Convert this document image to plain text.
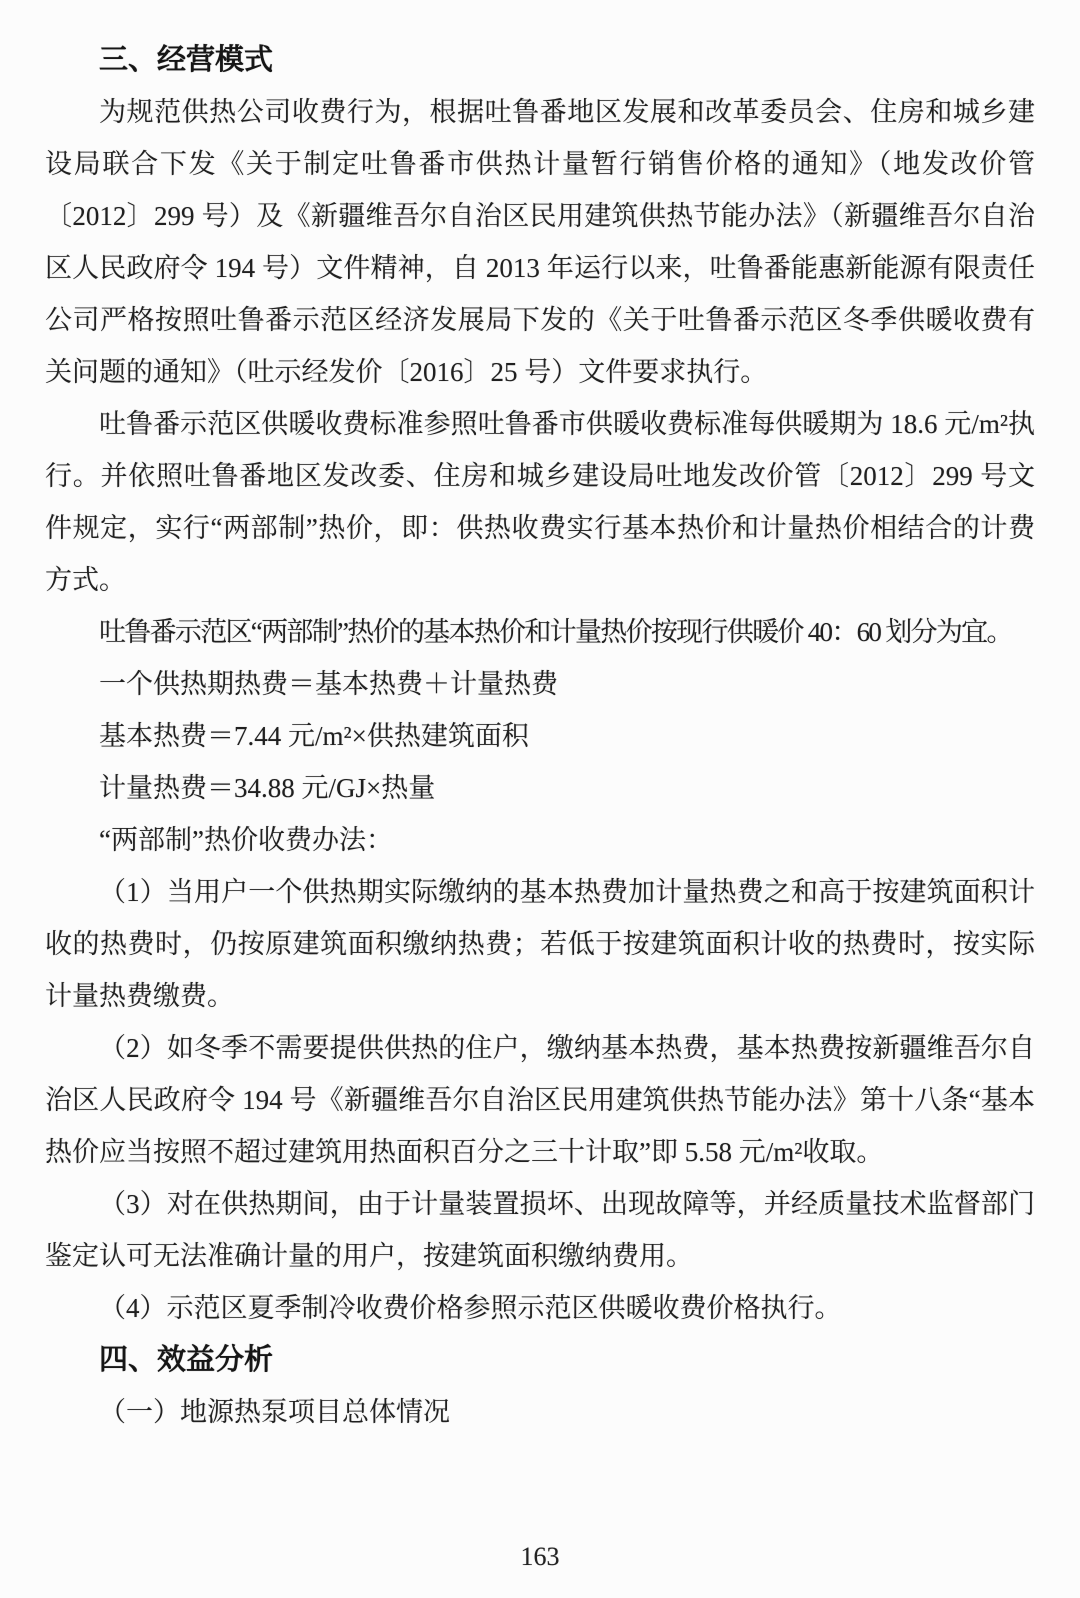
三、经营模式

为规范供热公司收费行为，根据吐鲁番地区发展和改革委员会、住房和城乡建设局联合下发《关于制定吐鲁番市供热计量暂行销售价格的通知》（地发改价管〔2012〕299 号）及《新疆维吾尔自治区民用建筑供热节能办法》（新疆维吾尔自治区人民政府令 194 号）文件精神，自 2013 年运行以来，吐鲁番能惠新能源有限责任公司严格按照吐鲁番示范区经济发展局下发的《关于吐鲁番示范区冬季供暖收费有关问题的通知》（吐示经发价〔2016〕25 号）文件要求执行。

吐鲁番示范区供暖收费标准参照吐鲁番市供暖收费标准每供暖期为 18.6 元/m²执行。并依照吐鲁番地区发改委、住房和城乡建设局吐地发改价管〔2012〕299 号文件规定，实行“两部制”热价，即：供热收费实行基本热价和计量热价相结合的计费方式。

吐鲁番示范区“两部制”热价的基本热价和计量热价按现行供暖价 40：60 划分为宜。

一个供热期热费＝基本热费＋计量热费

基本热费＝7.44 元/m²×供热建筑面积

计量热费＝34.88 元/GJ×热量

“两部制”热价收费办法：

（1）当用户一个供热期实际缴纳的基本热费加计量热费之和高于按建筑面积计收的热费时，仍按原建筑面积缴纳热费；若低于按建筑面积计收的热费时，按实际计量热费缴费。

（2）如冬季不需要提供供热的住户，缴纳基本热费，基本热费按新疆维吾尔自治区人民政府令 194 号《新疆维吾尔自治区民用建筑供热节能办法》第十八条“基本热价应当按照不超过建筑用热面积百分之三十计取”即 5.58 元/m²收取。

（3）对在供热期间，由于计量装置损坏、出现故障等，并经质量技术监督部门鉴定认可无法准确计量的用户，按建筑面积缴纳费用。

（4）示范区夏季制冷收费价格参照示范区供暖收费价格执行。

四、效益分析

（一）地源热泵项目总体情况

163
